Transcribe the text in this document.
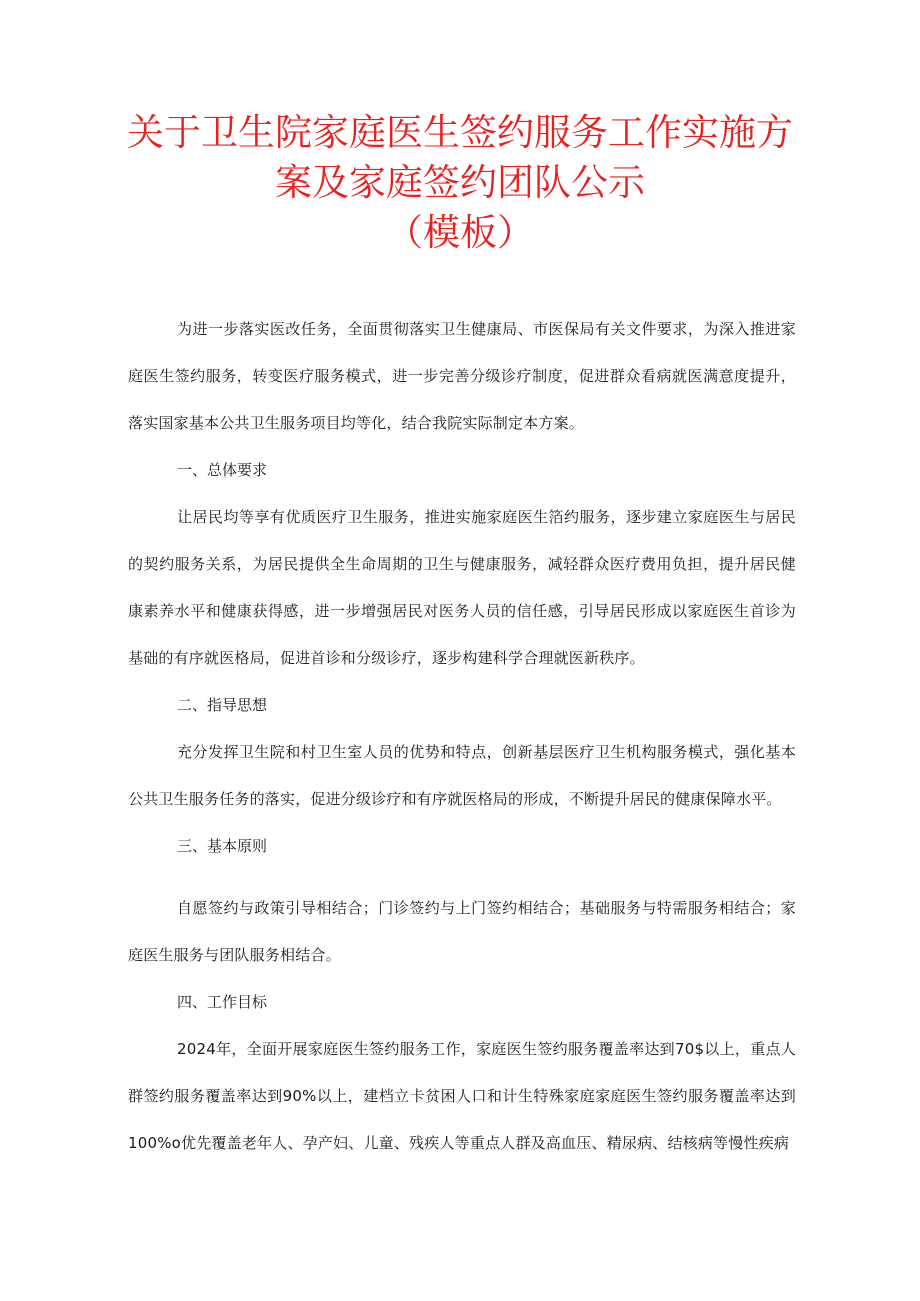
关于卫生院家庭医生签约服务工作实施方
案及家庭签约团队公示
（模板）

为进一步落实医改任务，全面贯彻落实卫生健康局、市医保局有关文件要求，为深入推进家庭医生签约服务，转变医疗服务模式，进一步完善分级诊疗制度，促进群众看病就医满意度提升，落实国家基本公共卫生服务项目均等化，结合我院实际制定本方案。

一、总体要求

让居民均等享有优质医疗卫生服务，推进实施家庭医生箔约服务，逐步建立家庭医生与居民的契约服务关系，为居民提供全生命周期的卫生与健康服务，减轻群众医疗费用负担，提升居民健康素养水平和健康获得感，进一步增强居民对医务人员的信任感，引导居民形成以家庭医生首诊为基础的有序就医格局，促进首诊和分级诊疗，逐步构建科学合理就医新秩序。

二、指导思想

充分发挥卫生院和村卫生室人员的优势和特点，创新基层医疗卫生机构服务模式，强化基本公共卫生服务任务的落实，促进分级诊疗和有序就医格局的形成，不断提升居民的健康保障水平。

三、基本原则

自愿签约与政策引导相结合；门诊签约与上门签约相结合；基础服务与特需服务相结合；家庭医生服务与团队服务相结合。

四、工作目标

2024年，全面开展家庭医生签约服务工作，家庭医生签约服务覆盖率达到70$以上，重点人群签约服务覆盖率达到90%以上，建档立卡贫困人口和计生特殊家庭家庭医生签约服务覆盖率达到100%o优先覆盖老年人、孕产妇、儿童、残疾人等重点人群及高血压、精尿病、结核病等慢性疾病
